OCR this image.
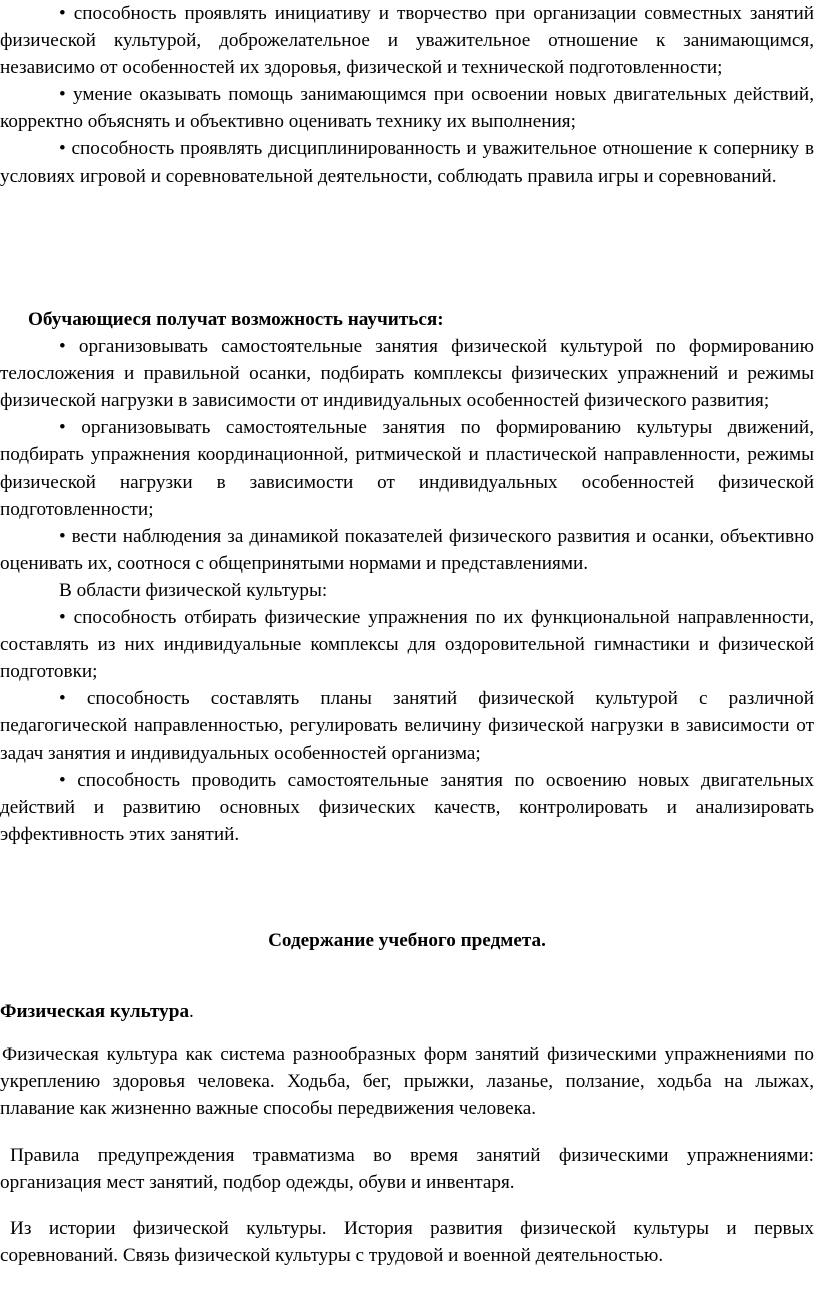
• способность проявлять инициативу и творчество при организации совместных занятий физической культурой, доброжелательное и уважительное отношение к занимающимся, независимо от особенностей их здоровья, физической и технической подготовленности;

• умение оказывать помощь занимающимся при освоении новых двигательных действий, корректно объяснять и объективно оценивать технику их выполнения;

• способность проявлять дисциплинированность и уважительное отношение к сопернику в условиях игровой и соревновательной деятельности, соблюдать правила игры и соревнований.

Обучающиеся получат возможность научиться:

• организовывать самостоятельные занятия физической культурой по формированию телосложения и правильной осанки, подбирать комплексы физических упражнений и режимы физической нагрузки в зависимости от индивидуальных особенностей физического развития;

• организовывать самостоятельные занятия по формированию культуры движений, подбирать упражнения координационной, ритмической и пластической направленности, режимы физической нагрузки в зависимости от индивидуальных особенностей физической подготовленности;

• вести наблюдения за динамикой показателей физического развития и осанки, объективно оценивать их, соотнося с общепринятыми нормами и представлениями.

В области физической культуры:

• способность отбирать физические упражнения по их функциональной направленности, составлять из них индивидуальные комплексы для оздоровительной гимнастики и физической подготовки;

• способность составлять планы занятий физической культурой с различной педагогической направленностью, регулировать величину физической нагрузки в зависимости от задач занятия и индивидуальных особенностей организма;

• способность проводить самостоятельные занятия по освоению новых двигательных действий и развитию основных физических качеств, контролировать и анализировать эффективность этих занятий.

Содержание учебного предмета.

Физическая культура.

Физическая культура как система разнообразных форм занятий физическими упражнениями по укреплению здоровья человека. Ходьба, бег, прыжки, лазанье, ползание, ходьба на лыжах, плавание как жизненно важные способы передвижения человека.

Правила предупреждения травматизма во время занятий физическими упражнениями: организация мест занятий, подбор одежды, обуви и инвентаря.

Из истории физической культуры. История развития физической культуры и первых соревнований. Связь физической культуры с трудовой и военной деятельностью.
